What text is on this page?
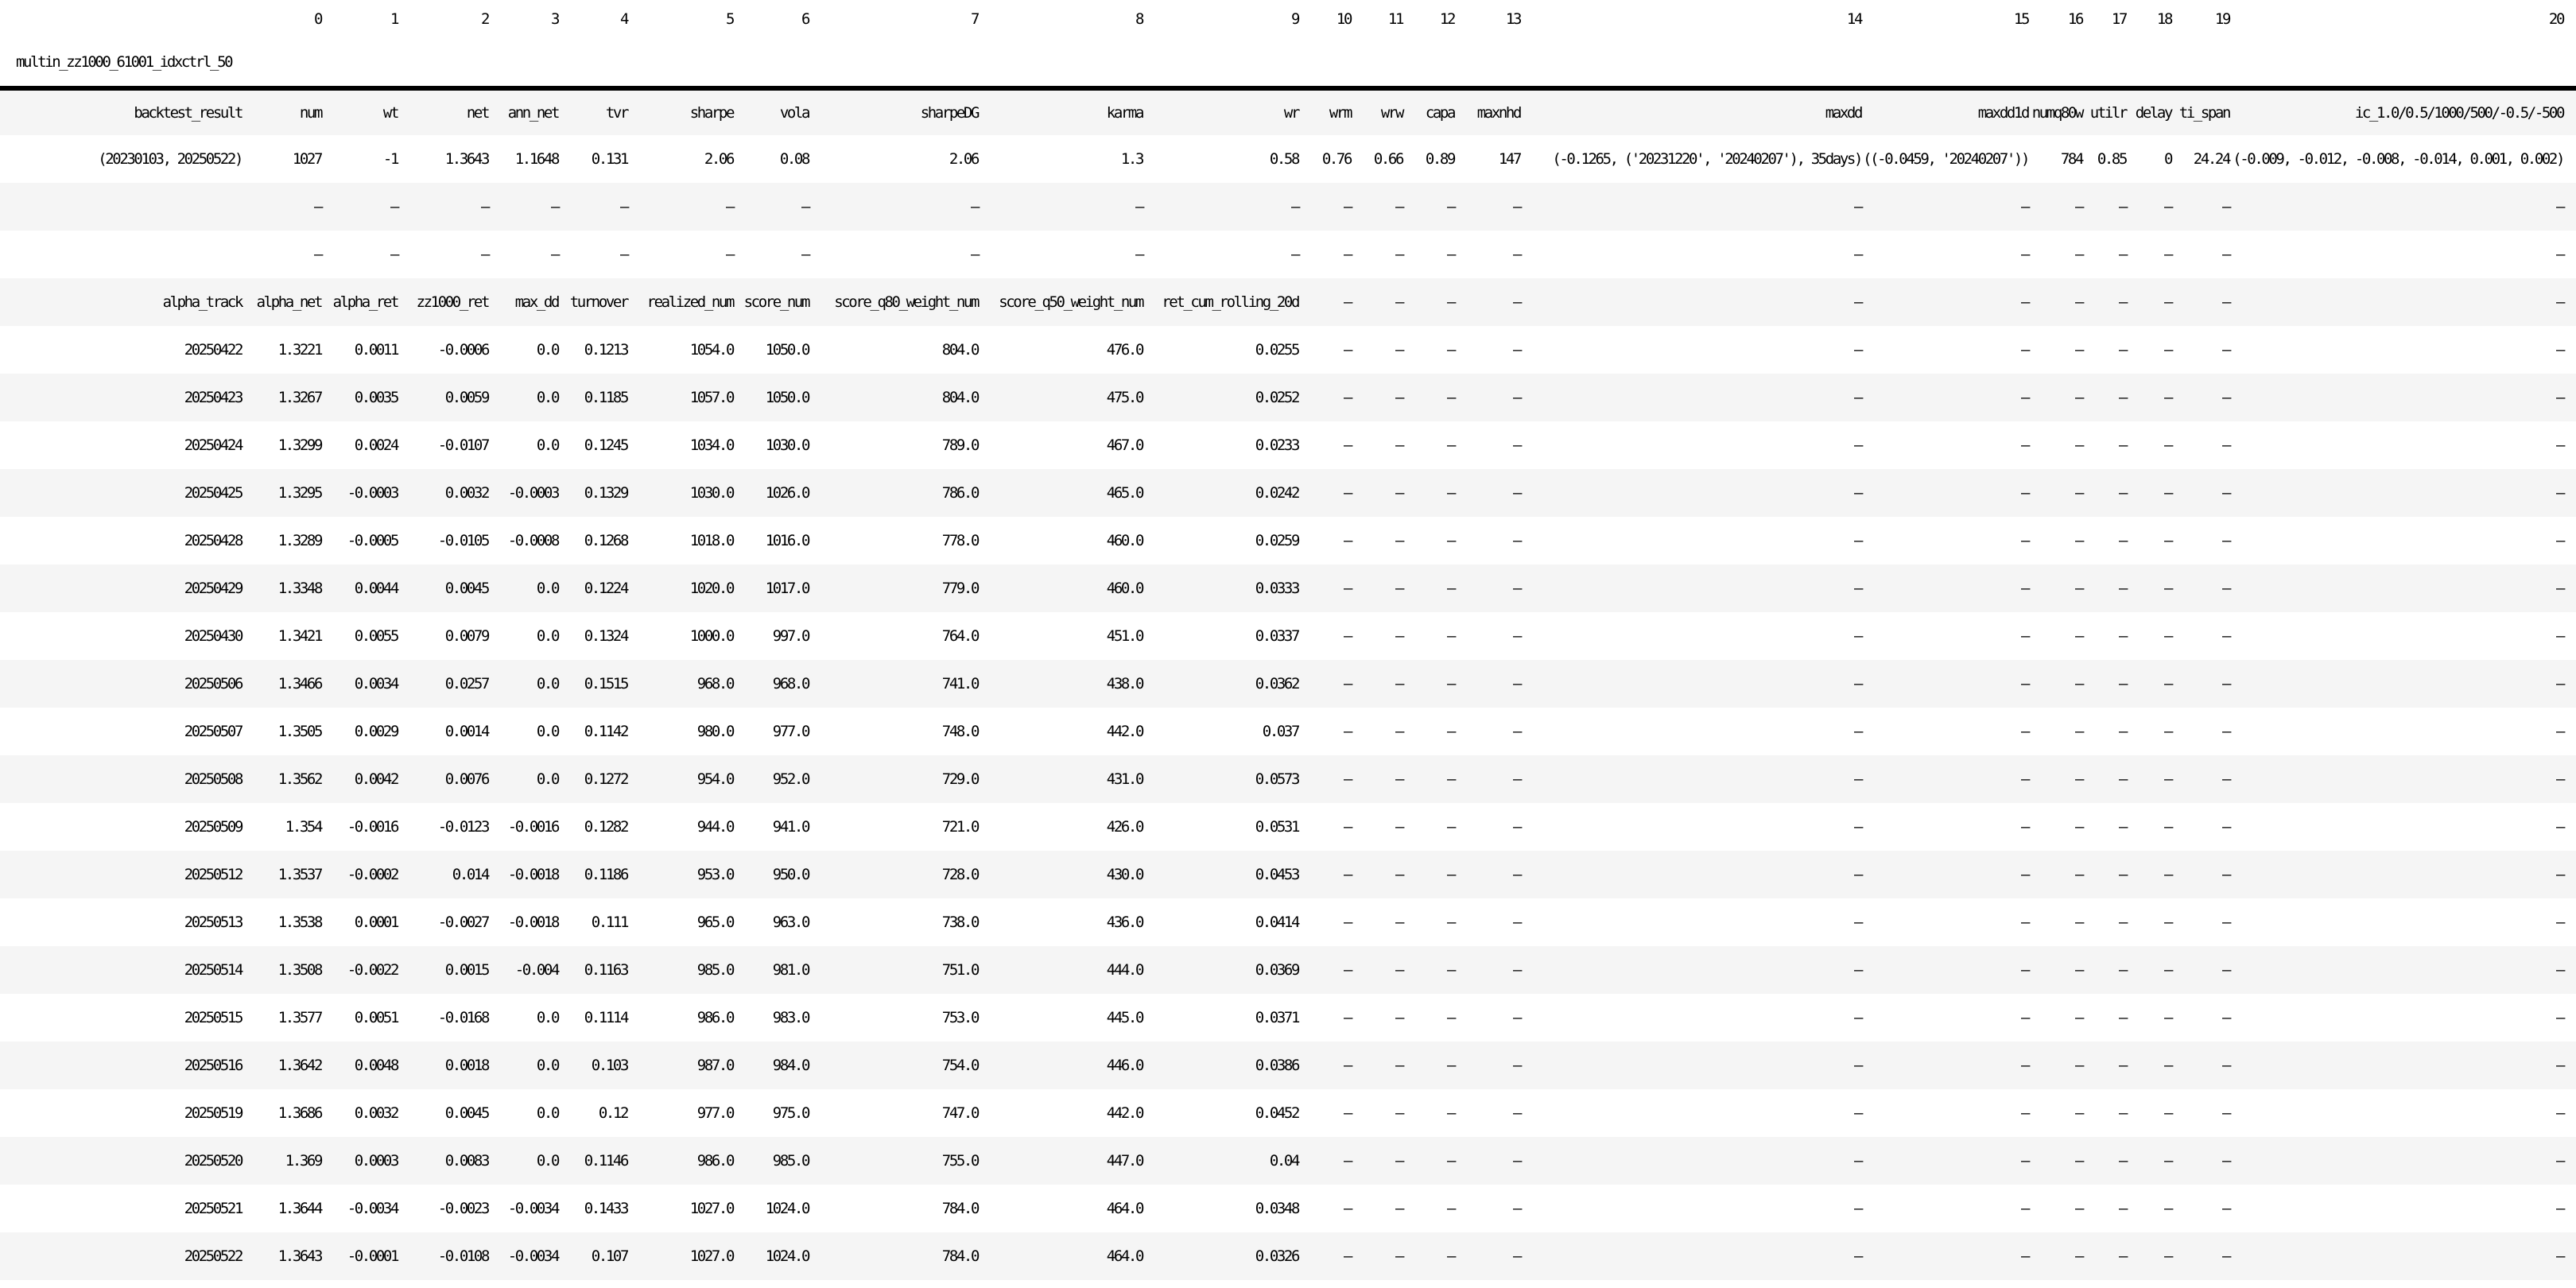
	0	1	2	3	4	5	6	7	8	9	10	11	12	13	14	15	16	17	18	19	20
multin_zz1000_61001_idxctrl_50																					
backtest_result	num	wt	net	ann_net	tvr	sharpe	vola	sharpeDG	karma	wr	wrm	wrw	capa	maxnhd	maxdd	maxdd1d	numq80w	utilr	delay	ti_span	ic_1.0/0.5/1000/500/-0.5/-500
(20230103, 20250522)	1027	-1	1.3643	1.1648	0.131	2.06	0.08	2.06	1.3	0.58	0.76	0.66	0.89	147	(-0.1265, ('20231220', '20240207'), 35days)	((-0.0459, '20240207'))	784	0.85	0	24.24	(-0.009, -0.012, -0.008, -0.014, 0.001, 0.002)
	—	—	—	—	—	—	—	—	—	—	—	—	—	—	—	—	—	—	—	—	—
	—	—	—	—	—	—	—	—	—	—	—	—	—	—	—	—	—	—	—	—	—
alpha_track	alpha_net	alpha_ret	zz1000_ret	max_dd	turnover	realized_num	score_num	score_q80_weight_num	score_q50_weight_num	ret_cum_rolling_20d	—	—	—	—	—	—	—	—	—	—	—
20250422	1.3221	0.0011	-0.0006	0.0	0.1213	1054.0	1050.0	804.0	476.0	0.0255	—	—	—	—	—	—	—	—	—	—	—
20250423	1.3267	0.0035	0.0059	0.0	0.1185	1057.0	1050.0	804.0	475.0	0.0252	—	—	—	—	—	—	—	—	—	—	—
20250424	1.3299	0.0024	-0.0107	0.0	0.1245	1034.0	1030.0	789.0	467.0	0.0233	—	—	—	—	—	—	—	—	—	—	—
20250425	1.3295	-0.0003	0.0032	-0.0003	0.1329	1030.0	1026.0	786.0	465.0	0.0242	—	—	—	—	—	—	—	—	—	—	—
20250428	1.3289	-0.0005	-0.0105	-0.0008	0.1268	1018.0	1016.0	778.0	460.0	0.0259	—	—	—	—	—	—	—	—	—	—	—
20250429	1.3348	0.0044	0.0045	0.0	0.1224	1020.0	1017.0	779.0	460.0	0.0333	—	—	—	—	—	—	—	—	—	—	—
20250430	1.3421	0.0055	0.0079	0.0	0.1324	1000.0	997.0	764.0	451.0	0.0337	—	—	—	—	—	—	—	—	—	—	—
20250506	1.3466	0.0034	0.0257	0.0	0.1515	968.0	968.0	741.0	438.0	0.0362	—	—	—	—	—	—	—	—	—	—	—
20250507	1.3505	0.0029	0.0014	0.0	0.1142	980.0	977.0	748.0	442.0	0.037	—	—	—	—	—	—	—	—	—	—	—
20250508	1.3562	0.0042	0.0076	0.0	0.1272	954.0	952.0	729.0	431.0	0.0573	—	—	—	—	—	—	—	—	—	—	—
20250509	1.354	-0.0016	-0.0123	-0.0016	0.1282	944.0	941.0	721.0	426.0	0.0531	—	—	—	—	—	—	—	—	—	—	—
20250512	1.3537	-0.0002	0.014	-0.0018	0.1186	953.0	950.0	728.0	430.0	0.0453	—	—	—	—	—	—	—	—	—	—	—
20250513	1.3538	0.0001	-0.0027	-0.0018	0.111	965.0	963.0	738.0	436.0	0.0414	—	—	—	—	—	—	—	—	—	—	—
20250514	1.3508	-0.0022	0.0015	-0.004	0.1163	985.0	981.0	751.0	444.0	0.0369	—	—	—	—	—	—	—	—	—	—	—
20250515	1.3577	0.0051	-0.0168	0.0	0.1114	986.0	983.0	753.0	445.0	0.0371	—	—	—	—	—	—	—	—	—	—	—
20250516	1.3642	0.0048	0.0018	0.0	0.103	987.0	984.0	754.0	446.0	0.0386	—	—	—	—	—	—	—	—	—	—	—
20250519	1.3686	0.0032	0.0045	0.0	0.12	977.0	975.0	747.0	442.0	0.0452	—	—	—	—	—	—	—	—	—	—	—
20250520	1.369	0.0003	0.0083	0.0	0.1146	986.0	985.0	755.0	447.0	0.04	—	—	—	—	—	—	—	—	—	—	—
20250521	1.3644	-0.0034	-0.0023	-0.0034	0.1433	1027.0	1024.0	784.0	464.0	0.0348	—	—	—	—	—	—	—	—	—	—	—
20250522	1.3643	-0.0001	-0.0108	-0.0034	0.107	1027.0	1024.0	784.0	464.0	0.0326	—	—	—	—	—	—	—	—	—	—	—
